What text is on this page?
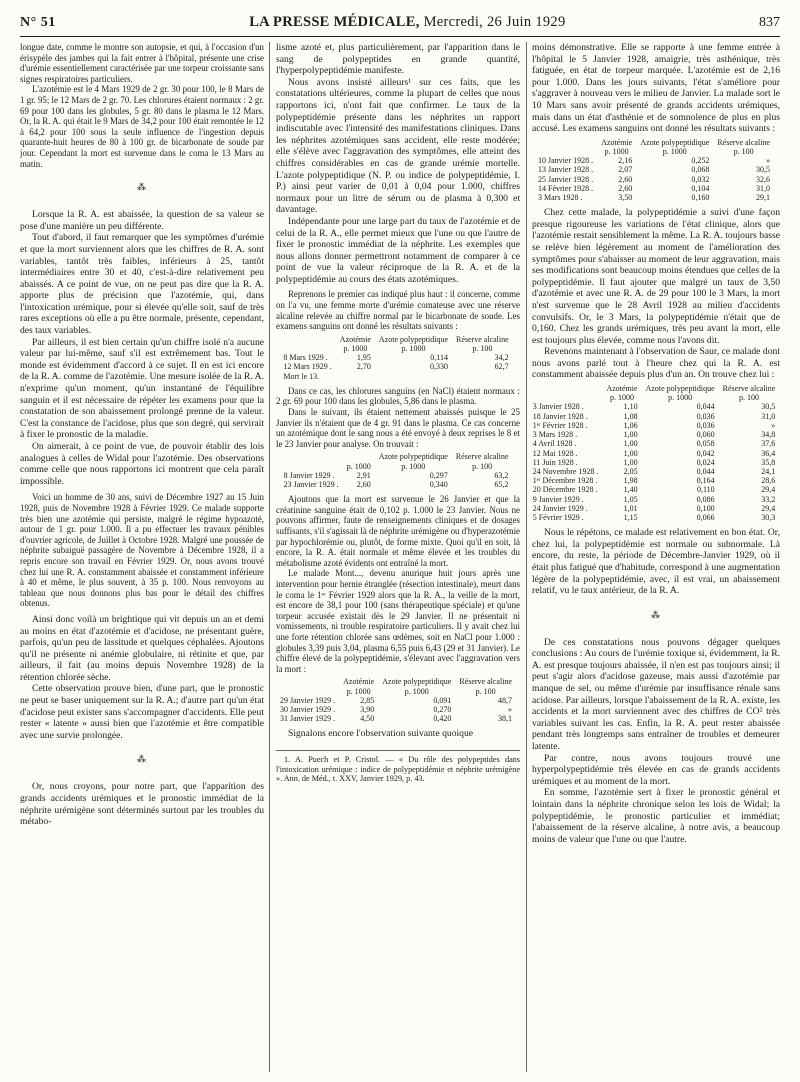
N° 51	LA PRESSE MÉDICALE, Mercredi, 26 Juin 1929	837

longue date, comme le montre son autopsie, et qui, à l'occasion d'un érisypèle des jambes qui la fait entrer à l'hôpital, présente une crise d'urémie essentiellement caractérisée par une torpeur croissante sans signes respiratoires particuliers.

L'azotémie est le 4 Mars 1929 de 2 gr. 30 pour 100, le 8 Mars de 1 gr. 95; le 12 Mars de 2 gr. 70. Les chlorures étaient normaux : 2 gr. 69 pour 100 dans les globules, 5 gr. 80 dans le plasma le 12 Mars. Or, la R. A. qui était le 9 Mars de 34,2 pour 100 était remontée le 12 à 64,2 pour 100 sous la seule influence de l'ingestion depuis quarante-huit heures de 80 à 100 gr. de bicarbonate de soude par jour. Cependant la mort est survenue dans le coma le 13 Mars au matin.

⁂

Lorsque la R. A. est abaissée, la question de sa valeur se pose d'une manière un peu différente.

Tout d'abord, il faut remarquer que les symptômes d'urémie et que la mort surviennent alors que les chiffres de R. A. sont variables, tantôt très faibles, inférieurs à 25, tantôt intermédiaires entre 30 et 40, c'est-à-dire relativement peu abaissés. A ce point de vue, on ne peut pas dire que la R. A. apporte plus de précision que l'azotémie, qui, dans l'intoxication urémique, pour si élevée qu'elle soit, sauf de très rares exceptions où elle a pu être normale, présente, cependant, des taux variables.

Par ailleurs, il est bien certain qu'un chiffre isolé n'a aucune valeur par lui-même, sauf s'il est extrêmement bas. Tout le monde est évidemment d'accord à ce sujet. Il en est ici encore de la R. A. comme de l'azotémie. Une mesure isolée de la R. A. n'exprime qu'un moment, qu'un instantané de l'équilibre sanguin et il est nécessaire de répéter les examens pour que la constatation de son abaissement prolongé prenne de la valeur. C'est la constance de l'acidose, plus que son degré, qui servirait à fixer le pronostic de la maladie.

On aimerait, à ce point de vue, de pouvoir établir des lois analogues à celles de Widal pour l'azotémie. Des observations comme celle que nous rapportons ici montrent que cela paraît impossible.

Voici un homme de 30 ans, suivi de Décembre 1927 au 15 Juin 1928, puis de Novembre 1928 à Février 1929. Ce malade supporte très bien une azotémie qui persiste, malgré le régime hypoazoté, autour de 1 gr. pour 1.000. Il a pu effectuer les travaux pénibles d'ouvrier agricole, de Juillet à Octobre 1928. Malgré une poussée de néphrite subaiguë passagère de Novembre à Décembre 1928, il a repris encore son travail en Février 1929. Or, nous avons trouvé chez lui une R. A. constamment abaissée et constamment inférieure à 40 et même, le plus souvent, à 35 p. 100. Nous renvoyons au tableau que nous donnons plus bas pour le détail des chiffres obtenus.

Ainsi donc voilà un brightique qui vit depuis un an et demi au moins en état d'azotémie et d'acidose, ne présentant guère, parfois, qu'un peu de lassitude et quelques céphalées. Ajoutons qu'il ne présente ni anémie globulaire, ni rétinite et que, par ailleurs, il fait (au moins depuis Novembre 1928) de la rétention chlorée sèche.

Cette observation prouve bien, d'une part, que le pronostic ne peut se baser uniquement sur la R. A.; d'autre part qu'un état d'acidose peut exister sans s'accompagner d'accidents. Elle peut rester « latente » aussi bien que l'azotémie et être compatible avec une survie prolongée.

⁂

Or, nous croyons, pour notre part, que l'apparition des grands accidents urémiques et le pronostic immédiat de la néphrite urémigène sont déterminés surtout par les troubles du métabo-

lisme azoté et, plus particulièrement, par l'apparition dans le sang de polypeptides en grande quantité, l'hyperpolypeptidémie manifeste.

Nous avons insisté ailleurs¹ sur ces faits, que les constatations ultérieures, comme la plupart de celles que nous rapportons ici, n'ont fait que confirmer. Le taux de la polypeptidémie présente dans les néphrites un rapport indiscutable avec l'intensité des manifestations cliniques. Dans les néphrites azotémiques sans accident, elle reste modérée; elle s'élève avec l'aggravation des symptômes, elle atteint des chiffres considérables en cas de grande urémie mortelle. L'azote polypeptidique (N. P. ou indice de polypeptidémie, I. P.) ainsi peut varier de 0,01 à 0,04 pour 1.000, chiffres normaux pour un litre de sérum ou de plasma à 0,300 et davantage.

Indépendante pour une large part du taux de l'azotémie et de celui de la R. A., elle permet mieux que l'une ou que l'autre de fixer le pronostic immédiat de la néphrite. Les exemples que nous allons donner permettront notamment de comparer à ce point de vue la valeur réciproque de la R. A. et de la polypeptidémie au cours des états azotémiques.

Reprenons le premier cas indiqué plus haut : il concerne, comme on l'a vu, une femme morte d'urémie comateuse avec une réserve alcaline relevée au chiffre normal par le bicarbonate de soude. Les examens sanguins ont donné les résultats suivants :

	Azotémie	Azote polypeptidique	Réserve alcaline
	p. 1000	p. 1000	p. 100
8 Mars 1929 .	1,95	0,114	34,2
12 Mars 1929 .	2,70	0,330	62,7
Mort le 13.			

Dans ce cas, les chlorures sanguins (en NaCl) étaient normaux : 2 gr. 69 pour 100 dans les globules, 5,86 dans le plasma.

Dans le suivant, ils étaient nettement abaissés puisque le 25 Janvier ils n'étaient que de 4 gr. 91 dans le plasma. Ce cas concerne un azotémique dont le sang nous a été envoyé à deux reprises le 8 et le 23 Janvier pour analyse. On trouvait :

		Azote polypeptidique	Réserve alcaline
	p. 1000	p. 1000	p. 100
8 Janvier 1929 .	2,91	0,297	63,2
23 Janvier 1929 .	2,60	0,340	65,2

Ajoutons que la mort est survenue le 26 Janvier et que la créatinine sanguine était de 0,102 p. 1.000 le 23 Janvier. Nous ne pouvons affirmer, faute de renseignements cliniques et de dosages suffisants, s'il s'agissait là de néphrite urémigène ou d'hyperazotémie par hypochlorémie ou, plutôt, de forme mixte. Quoi qu'il en soit, là encore, la R. A. était normale et même élevée et les troubles du métabolisme azoté évidents ont entraîné la mort.

Le malade Mont..., devenu anurique huit jours après une intervention pour hernie étranglée (résection intestinale), meurt dans le coma le 1ᵉʳ Février 1929 alors que la R. A., la veille de la mort, est encore de 38,1 pour 100 (sans thérapeutique spéciale) et qu'une torpeur accusée existait dès le 29 Janvier. Il ne présentait ni vomissements, ni trouble respiratoire particuliers. Il y avait chez lui une forte rétention chlorée sans œdèmes, soit en NaCl pour 1.000 : globules 3,39 puis 3,04, plasma 6,55 puis 6,43 (29 et 31 Janvier). Le chiffre élevé de la polypeptidémie, s'élevant avec l'aggravation vers la mort :

	Azotémie	Azote polypeptidique	Réserve alcaline
	p. 1000	p. 1000	p. 100
29 Janvier 1929 .	2,85	0,091	48,7
30 Janvier 1929 .	3,90	0,270	»
31 Janvier 1929 .	4,50	0,420	38,1

Signalons encore l'observation suivante quoique

1. A. Puech et P. Cristol. — « Du rôle des polypeptides dans l'intoxication urémique : indice de polypeptidémie et néphrite urémigène ». Ann. de Méd., t. XXV, Janvier 1929, p. 43.

moins démonstrative. Elle se rapporte à une femme entrée à l'hôpital le 5 Janvier 1928, amaigrie, très asthénique, très fatiguée, en état de torpeur marquée. L'azotémie est de 2,16 pour 1.000. Dans les jours suivants, l'état s'améliore pour s'aggraver à nouveau vers le milieu de Janvier. La malade sort le 10 Mars sans avoir présenté de grands accidents urémiques, mais dans un état d'asthénie et de somnolence de plus en plus accusé. Les examens sanguins ont donné les résultats suivants :

	Azotémie	Azote polypeptidique	Réserve alcaline
	p. 1000	p. 1000	p. 100
10 Janvier 1928 .	2,16	0,252	»
13 Janvier 1928 .	2,07	0,068	30,5
25 Janvier 1928 .	2,60	0,032	32,6
14 Février 1928 .	2,60	0,104	31,0
3 Mars 1928 .	3,50	0,160	29,1

Chez cette malade, la polypeptidémie a suivi d'une façon presque rigoureuse les variations de l'état clinique, alors que l'azotémie restait sensiblement la même. La R. A. toujours basse se relève bien légèrement au moment de l'amélioration des symptômes pour s'abaisser au moment de leur aggravation, mais ses modifications sont beaucoup moins étendues que celles de la polypeptidémie. Il faut ajouter que malgré un taux de 3,50 d'azotémie et avec une R. A. de 29 pour 100 le 3 Mars, la mort n'est survenue que le 28 Avril 1928 au milieu d'accidents convulsifs. Or, le 3 Mars, la polypeptidémie n'était que de 0,160. Chez les grands urémiques, très peu avant la mort, elle est toujours plus élevée, comme nous l'avons dit.

Revenons maintenant à l'observation de Saur, ce malade dont nous avons parlé tout à l'heure chez qui la R. A. est constamment abaissée depuis plus d'un an. On trouve chez lui :

	Azotémie	Azote polypeptidique	Réserve alcaline
	p. 1000	p. 1000	p. 100
3 Janvier 1928 .	1,10	0,044	30,5
18 Janvier 1928 .	1,08	0,036	31,0
1ᵉʳ Février 1928 .	1,06	0,036	»
3 Mars 1928 .	1,00	0,060	34,8
4 Avril 1928 .	1,00	0,058	37,6
12 Mai 1928 .	1,00	0,042	36,4
11 Juin 1928 .	1,00	0,024	35,8
24 Novembre 1928 .	2,05	0,044	24,1
1ᵉʳ Décembre 1928 .	1,98	0,164	28,6
20 Décembre 1928 .	1,40	0,110	29,4
9 Janvier 1929 .	1,05	0,086	33,2
24 Janvier 1929 .	1,01	0,100	29,4
5 Février 1929 .	1,15	0,066	30,3

Nous le répétons, ce malade est relativement en bon état. Or, chez lui, la polypeptidémie est normale ou subnormale. Là encore, du reste, la période de Décembre-Janvier 1929, où il était plus fatigué que d'habitude, correspond à une augmentation légère de la polypeptidémie, avec, il est vrai, un abaissement relatif, vu le taux antérieur, de la R. A.

⁂

De ces constatations nous pouvons dégager quelques conclusions : Au cours de l'urémie toxique si, évidemment, la R. A. est presque toujours abaissée, il n'en est pas toujours ainsi; il peut s'agir alors d'acidose gazeuse, mais aussi d'azotémie par manque de sel, ou même d'urémie par insuffisance rénale sans acidose. Par ailleurs, lorsque l'abaissement de la R. A. existe, les accidents et la mort surviennent avec des chiffres de CO² très variables suivant les cas. Enfin, la R. A. peut rester abaissée pendant très longtemps sans entraîner de troubles et demeurer latente.

Par contre, nous avons toujours trouvé une hyperpolypeptidémie très élevée en cas de grands accidents urémiques et au moment de la mort.

En somme, l'azotémie sert à fixer le pronostic général et lointain dans la néphrite chronique selon les lois de Widal; la polypeptidémie, le pronostic particulier et immédiat; l'abaissement de la réserve alcaline, à notre avis, a beaucoup moins de valeur que l'une ou que l'autre.
